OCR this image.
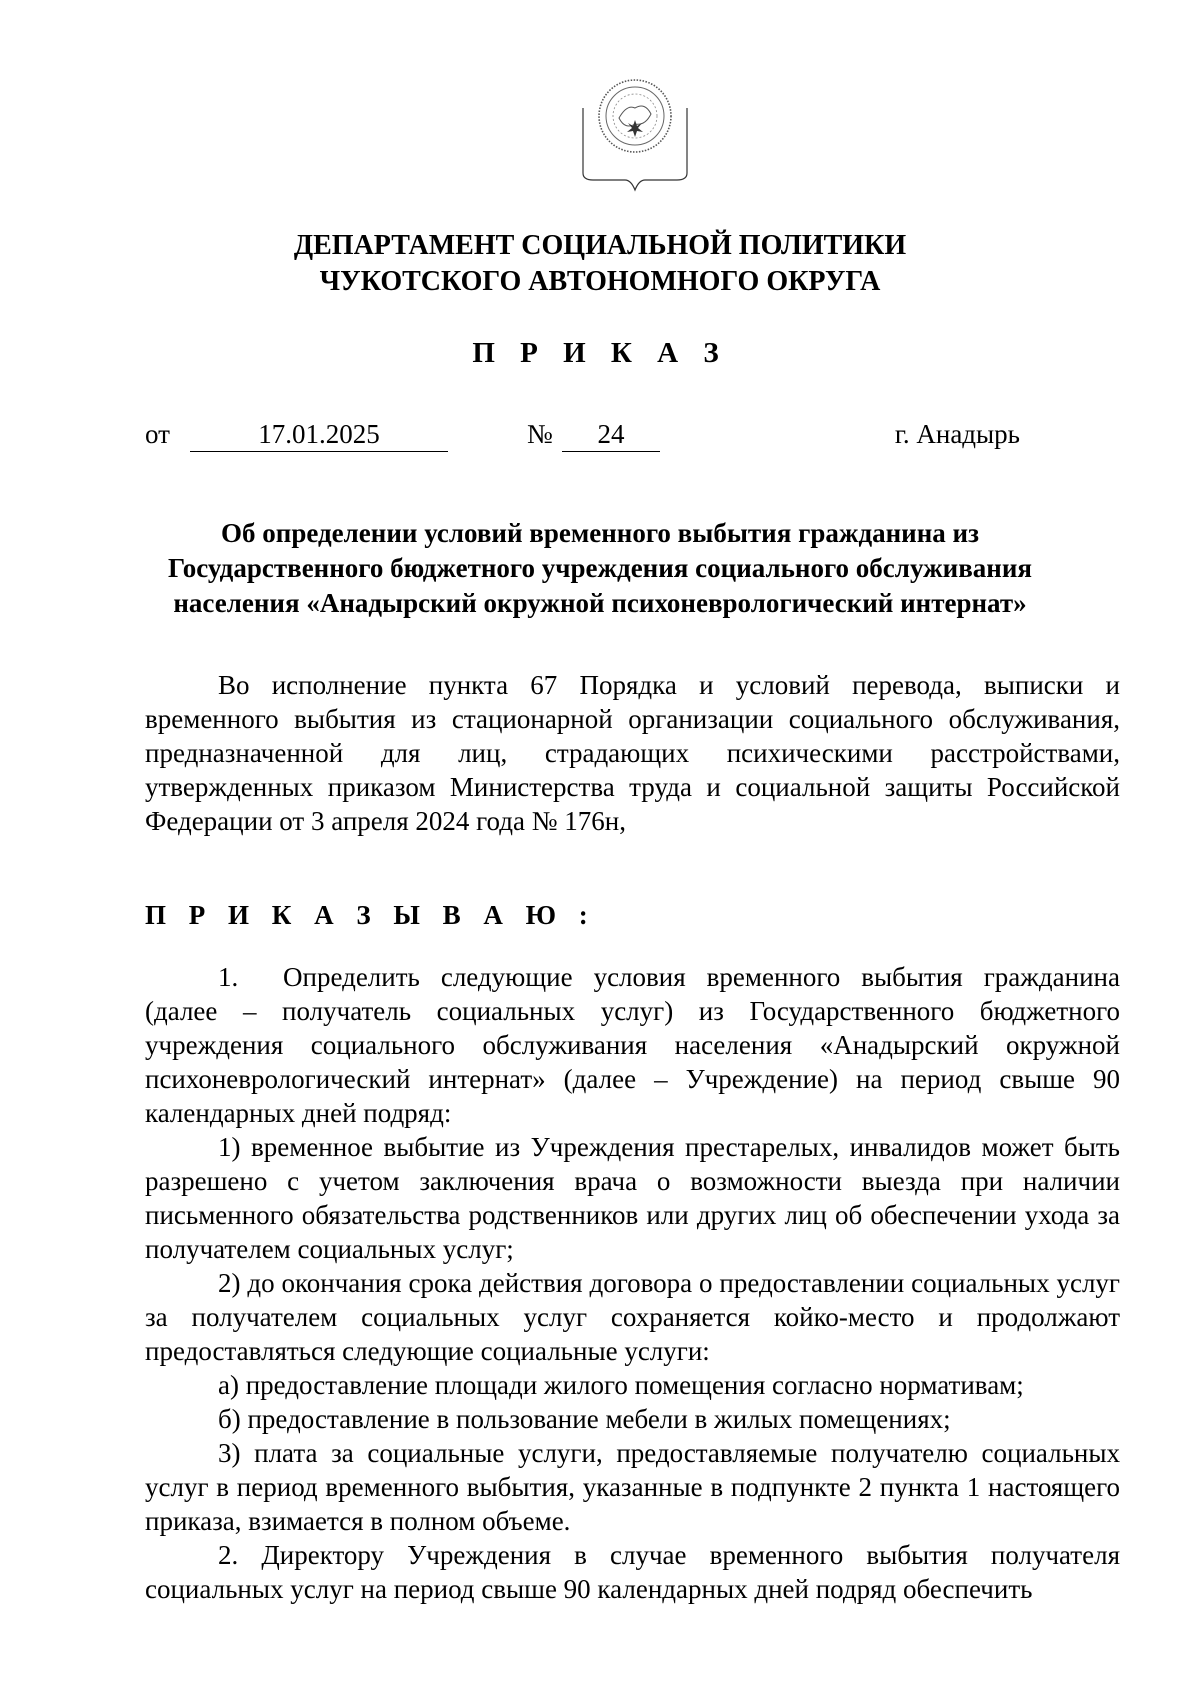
ДЕПАРТАМЕНТ СОЦИАЛЬНОЙ ПОЛИТИКИ
ЧУКОТСКОГО АВТОНОМНОГО ОКРУГА
П Р И К А З
от	17.01.2025	№	24	г. Анадырь
Об определении условий временного выбытия гражданина из
Государственного бюджетного учреждения социального обслуживания
населения «Анадырский окружной психоневрологический интернат»

Во исполнение пункта 67 Порядка и условий перевода, выписки и временного выбытия из стационарной организации социального обслуживания, предназначенной для лиц, страдающих психическими расстройствами, утвержденных приказом Министерства труда и социальной защиты Российской Федерации от 3 апреля 2024 года № 176н,

П Р И К А З Ы В А Ю :

1. Определить следующие условия временного выбытия гражданина (далее – получатель социальных услуг) из Государственного бюджетного учреждения социального обслуживания населения «Анадырский окружной психоневрологический интернат» (далее – Учреждение) на период свыше 90 календарных дней подряд:

1) временное выбытие из Учреждения престарелых, инвалидов может быть разрешено с учетом заключения врача о возможности выезда при наличии письменного обязательства родственников или других лиц об обеспечении ухода за получателем социальных услуг;

2) до окончания срока действия договора о предоставлении социальных услуг за получателем социальных услуг сохраняется койко-место и продолжают предоставляться следующие социальные услуги:

а) предоставление площади жилого помещения согласно нормативам;

б) предоставление в пользование мебели в жилых помещениях;

3) плата за социальные услуги, предоставляемые получателю социальных услуг в период временного выбытия, указанные в подпункте 2 пункта 1 настоящего приказа, взимается в полном объеме.

2. Директору Учреждения в случае временного выбытия получателя социальных услуг на период свыше 90 календарных дней подряд обеспечить
